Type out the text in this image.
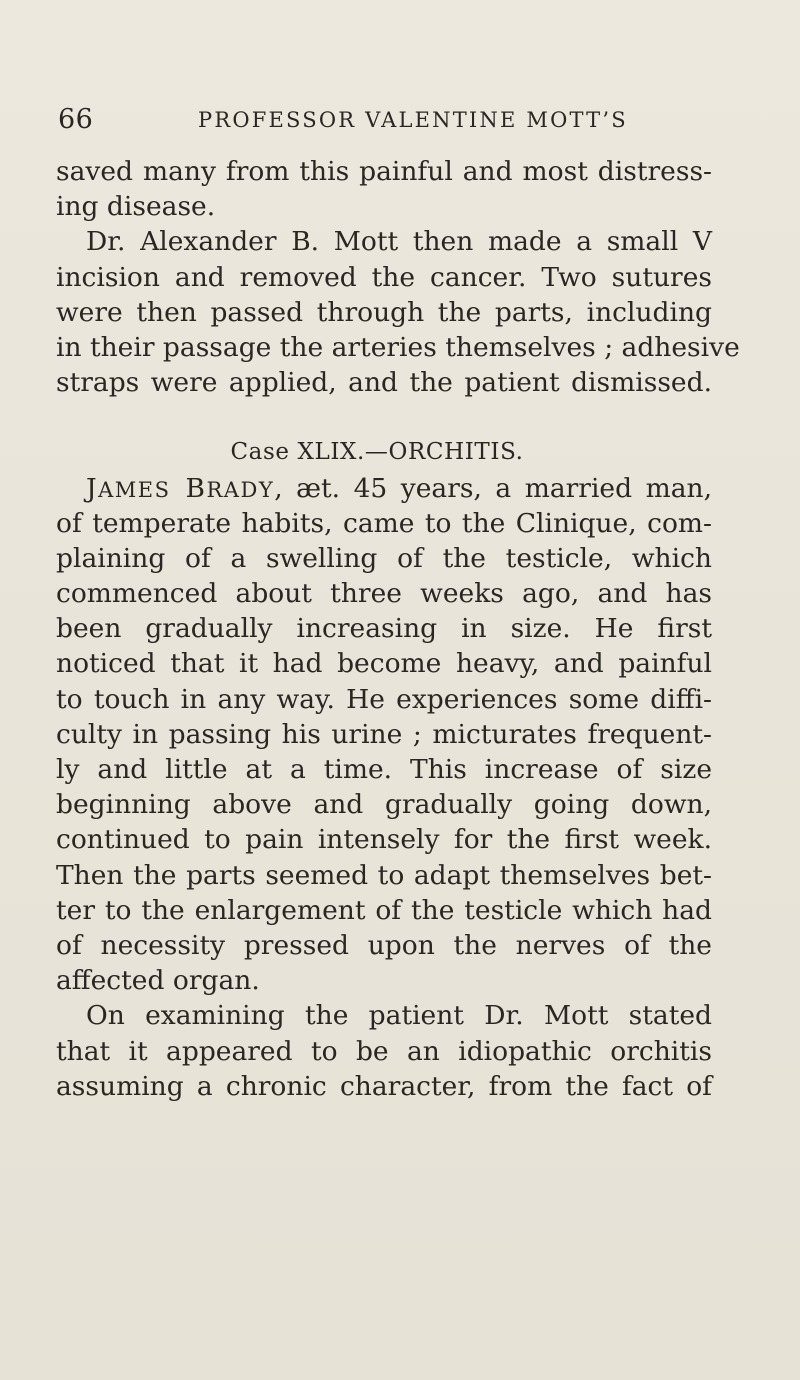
66	PROFESSOR VALENTINE MOTT’S
saved many from this painful and most distress-
ing disease.
Dr. Alexander B. Mott then made a small V
incision and removed the cancer. Two sutures
were then passed through the parts, including
in their passage the arteries themselves ; adhesive
straps were applied, and the patient dismissed.
Case XLIX.—ORCHITIS.
JAMES BRADY, æt. 45 years, a married man,
of temperate habits, came to the Clinique, com-
plaining of a swelling of the testicle, which
commenced about three weeks ago, and has
been gradually increasing in size. He first
noticed that it had become heavy, and painful
to touch in any way. He experiences some diffi-
culty in passing his urine ; micturates frequent-
ly and little at a time. This increase of size
beginning above and gradually going down,
continued to pain intensely for the first week.
Then the parts seemed to adapt themselves bet-
ter to the enlargement of the testicle which had
of necessity pressed upon the nerves of the
affected organ.
On examining the patient Dr. Mott stated
that it appeared to be an idiopathic orchitis
assuming a chronic character, from the fact of
